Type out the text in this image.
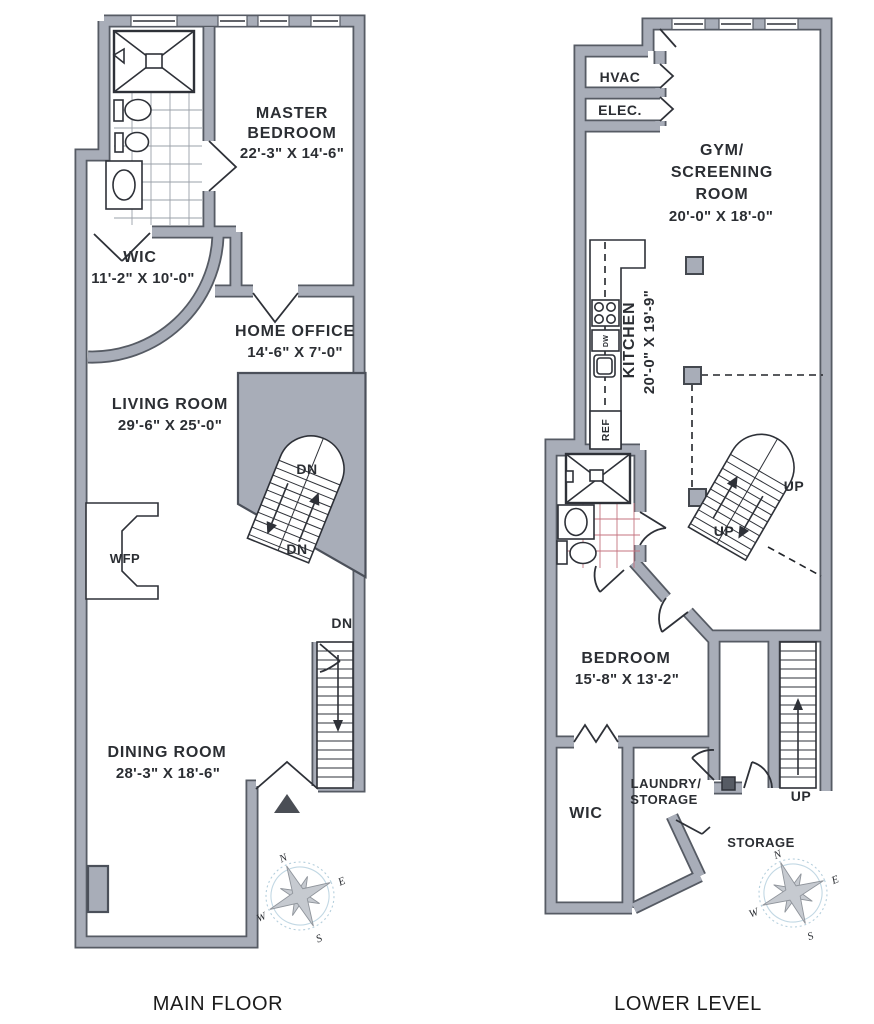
WFP
MASTER
BEDROOM
22'-3" X 14'-6"
WIC
11'-2" X 10'-0"
HOME OFFICE
14'-6" X 7'-0"
LIVING ROOM
29'-6" X 25'-0"
DINING ROOM
28'-3" X 18'-6"
DN
DN
DN
N
E
S
W
MAIN FLOOR
DW
REF
HVAC
ELEC.
GYM/
SCREENING
ROOM
20'-0" X 18'-0"
KITCHEN 20'-0" X 19'-9"
BEDROOM
15'-8" X 13'-2"
WIC
LAUNDRY/
STORAGE
STORAGE
UP
UP
UP
N
E
S
W
LOWER LEVEL
